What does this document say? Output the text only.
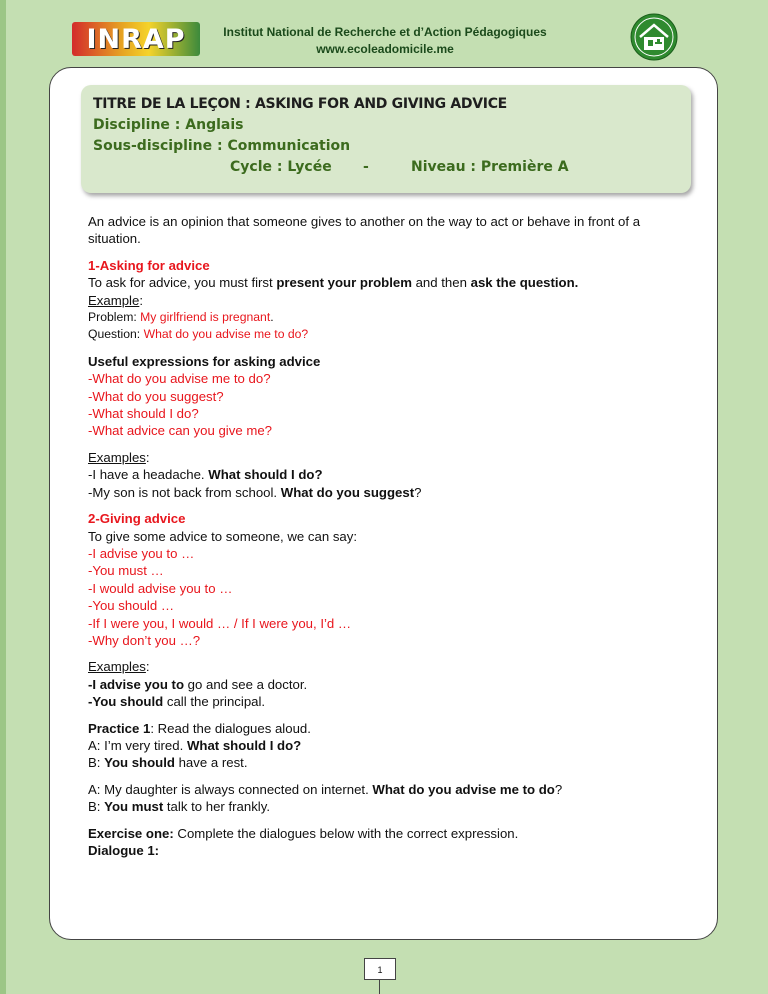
INRAP	Institut National de Recherche et d’Action Pédagogiques
www.ecoleadomicile.me
TITRE DE LA LEÇON : ASKING FOR AND GIVING ADVICE
Discipline : Anglais
Sous-discipline : Communication
Cycle : Lycée -	Niveau : Première A

An advice is an opinion that someone gives to another on the way to act or behave in front of a situation.

1-Asking for advice

To ask for advice, you must first present your problem and then ask the question.

Example:

Problem: My girlfriend is pregnant.

Question: What do you advise me to do?

Useful expressions for asking advice

-What do you advise me to do?

-What do you suggest?

-What should I do?

-What advice can you give me?

Examples:

-I have a headache. What should I do?

-My son is not back from school. What do you suggest?

2-Giving advice

To give some advice to someone, we can say:

-I advise you to …

-You must …

-I would advise you to …

-You should …

-If I were you, I would … / If I were you, I’d …

-Why don’t you …?

Examples:

-I advise you to go and see a doctor.

-You should call the principal.

Practice 1: Read the dialogues aloud.

A: I’m very tired. What should I do?

B: You should have a rest.

A: My daughter is always connected on internet. What do you advise me to do?

B: You must talk to her frankly.

Exercise one: Complete the dialogues below with the correct expression.

Dialogue 1:

1
